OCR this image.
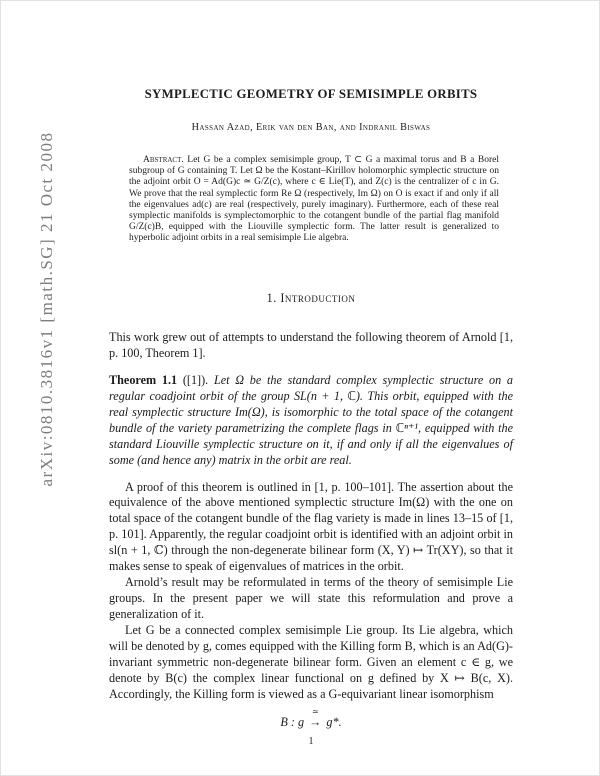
arXiv:0810.3816v1 [math.SG] 21 Oct 2008
SYMPLECTIC GEOMETRY OF SEMISIMPLE ORBITS
Hassan Azad, Erik van den Ban, and Indranil Biswas
Abstract. Let G be a complex semisimple group, T ⊂ G a maximal torus and B a Borel subgroup of G containing T. Let Ω be the Kostant–Kirillov holomorphic symplectic structure on the adjoint orbit O = Ad(G)c ≃ G/Z(c), where c ∈ Lie(T), and Z(c) is the centralizer of c in G. We prove that the real symplectic form Re Ω (respectively, Im Ω) on O is exact if and only if all the eigenvalues ad(c) are real (respectively, purely imaginary). Furthermore, each of these real symplectic manifolds is symplectomorphic to the cotangent bundle of the partial flag manifold G/Z(c)B, equipped with the Liouville symplectic form. The latter result is generalized to hyperbolic adjoint orbits in a real semisimple Lie algebra.
1. Introduction

This work grew out of attempts to understand the following theorem of Arnold [1, p. 100, Theorem 1].

Theorem 1.1 ([1]). Let Ω be the standard complex symplectic structure on a regular coadjoint orbit of the group SL(n + 1, ℂ). This orbit, equipped with the real symplectic structure Im(Ω), is isomorphic to the total space of the cotangent bundle of the variety parametrizing the complete flags in ℂⁿ⁺¹, equipped with the standard Liouville symplectic structure on it, if and only if all the eigenvalues of some (and hence any) matrix in the orbit are real.

A proof of this theorem is outlined in [1, p. 100–101]. The assertion about the equivalence of the above mentioned symplectic structure Im(Ω) with the one on total space of the cotangent bundle of the flag variety is made in lines 13–15 of [1, p. 101]. Apparently, the regular coadjoint orbit is identified with an adjoint orbit in sl(n + 1, ℂ) through the non-degenerate bilinear form (X, Y) ↦ Tr(XY), so that it makes sense to speak of eigenvalues of matrices in the orbit.

Arnold’s result may be reformulated in terms of the theory of semisimple Lie groups. In the present paper we will state this reformulation and prove a generalization of it.

Let G be a connected complex semisimple Lie group. Its Lie algebra, which will be denoted by g, comes equipped with the Killing form B, which is an Ad(G)-invariant symmetric non-degenerate bilinear form. Given an element c ∈ g, we denote by B(c) the complex linear functional on g defined by X ↦ B(c, X). Accordingly, the Killing form is viewed as a G-equivariant linear isomorphism

B : g
≃
→ g*.
1
